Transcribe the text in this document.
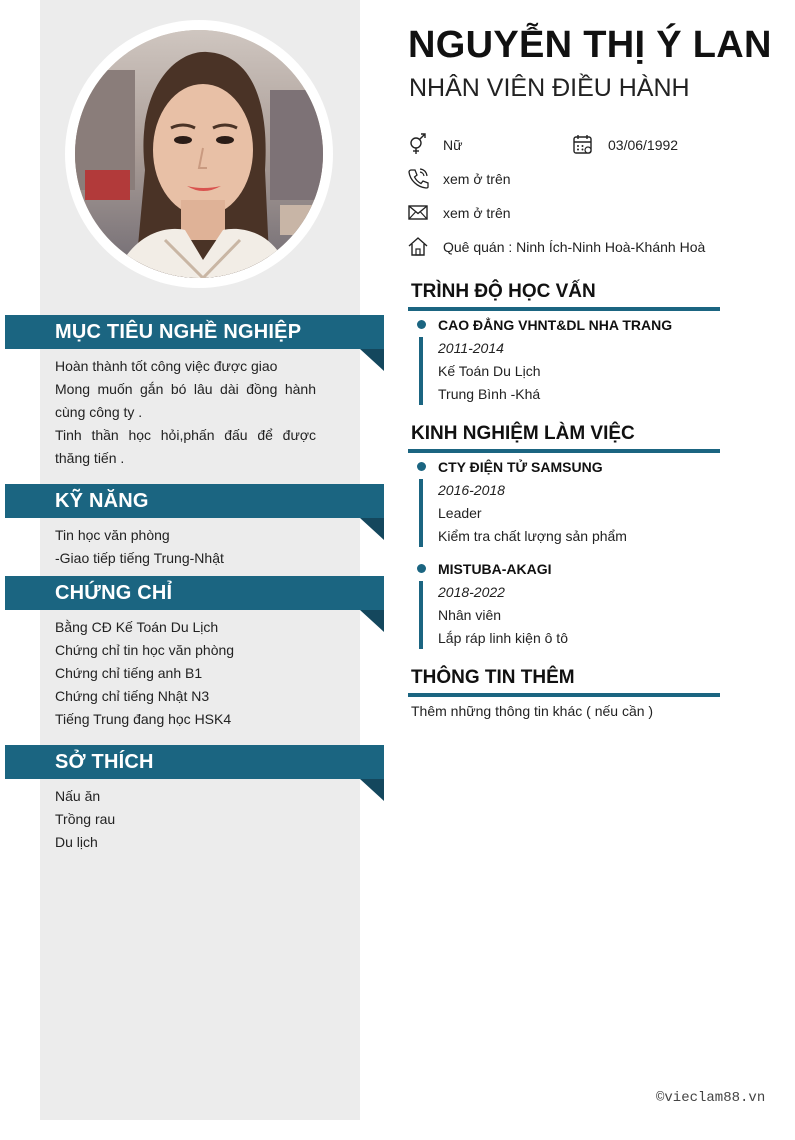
MỤC TIÊU NGHỀ NGHIỆP
Hoàn thành tốt công việc được giao
Mong muốn gắn bó lâu dài đồng hành cùng công ty .
Tinh thần học hỏi,phấn đấu để được thăng tiến .
KỸ NĂNG
Tin học văn phòng
-Giao tiếp tiếng Trung-Nhật
CHỨNG CHỈ
Bằng CĐ Kế Toán Du Lịch
Chứng chỉ tin học văn phòng
Chứng chỉ tiếng anh B1
Chứng chỉ tiếng Nhật N3
Tiếng Trung đang học HSK4
SỞ THÍCH
Nấu ăn
Trồng rau
Du lịch
NGUYỄN THỊ Ý LAN
NHÂN VIÊN ĐIỀU HÀNH
Nữ	03/06/1992
xem ở trên
xem ở trên
Quê quán : Ninh Ích-Ninh Hoà-Khánh Hoà
TRÌNH ĐỘ HỌC VẤN
CAO ĐẲNG VHNT&DL NHA TRANG
2011-2014
Kế Toán Du Lịch
Trung Bình -Khá
KINH NGHIỆM LÀM VIỆC
CTY ĐIỆN TỬ SAMSUNG
2016-2018
Leader
Kiểm tra chất lượng sản phẩm
MISTUBA-AKAGI
2018-2022
Nhân viên
Lắp ráp linh kiện ô tô
THÔNG TIN THÊM
Thêm những thông tin khác ( nếu cần )
©vieclam88.vn
